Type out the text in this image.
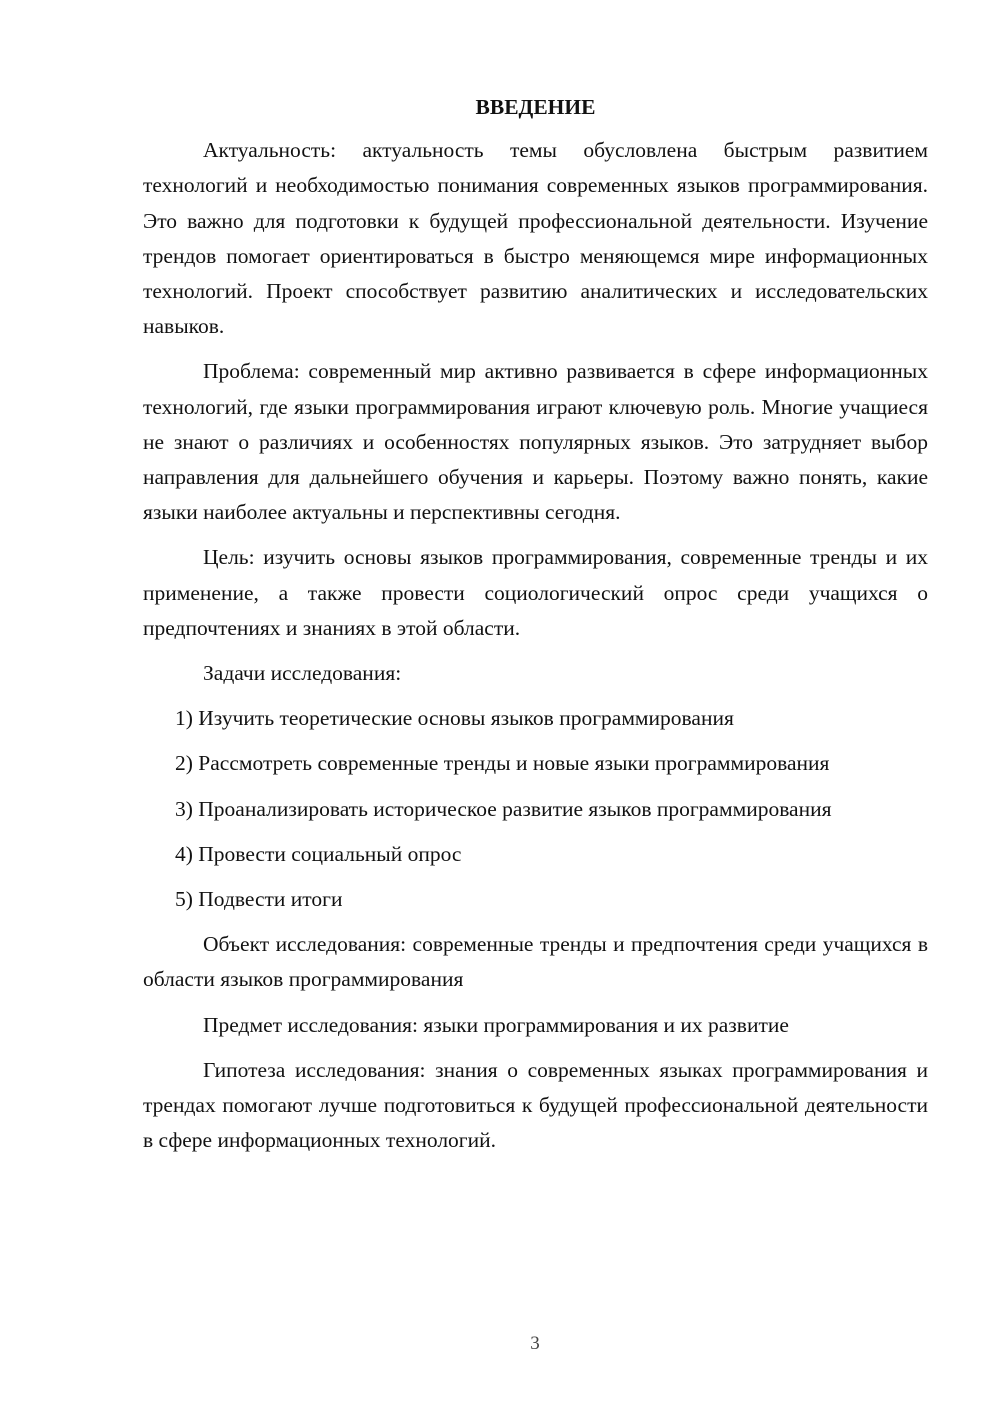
ВВЕДЕНИЕ

Актуальность: актуальность темы обусловлена быстрым развитием технологий и необходимостью понимания современных языков программирования. Это важно для подготовки к будущей профессиональной деятельности. Изучение трендов помогает ориентироваться в быстро меняющемся мире информационных технологий. Проект способствует развитию аналитических и исследовательских навыков.

Проблема: современный мир активно развивается в сфере информационных технологий, где языки программирования играют ключевую роль. Многие учащиеся не знают о различиях и особенностях популярных языков. Это затрудняет выбор направления для дальнейшего обучения и карьеры. Поэтому важно понять, какие языки наиболее актуальны и перспективны сегодня.

Цель: изучить основы языков программирования, современные тренды и их применение, а также провести социологический опрос среди учащихся о предпочтениях и знаниях в этой области.

Задачи исследования:

1) Изучить теоретические основы языков программирования

2) Рассмотреть современные тренды и новые языки программирования

3) Проанализировать историческое развитие языков программирования

4) Провести социальный опрос

5) Подвести итоги

Объект исследования: современные тренды и предпочтения среди учащихся в области языков программирования

Предмет исследования: языки программирования и их развитие

Гипотеза исследования: знания о современных языках программирования и трендах помогают лучше подготовиться к будущей профессиональной деятельности в сфере информационных технологий.

3
